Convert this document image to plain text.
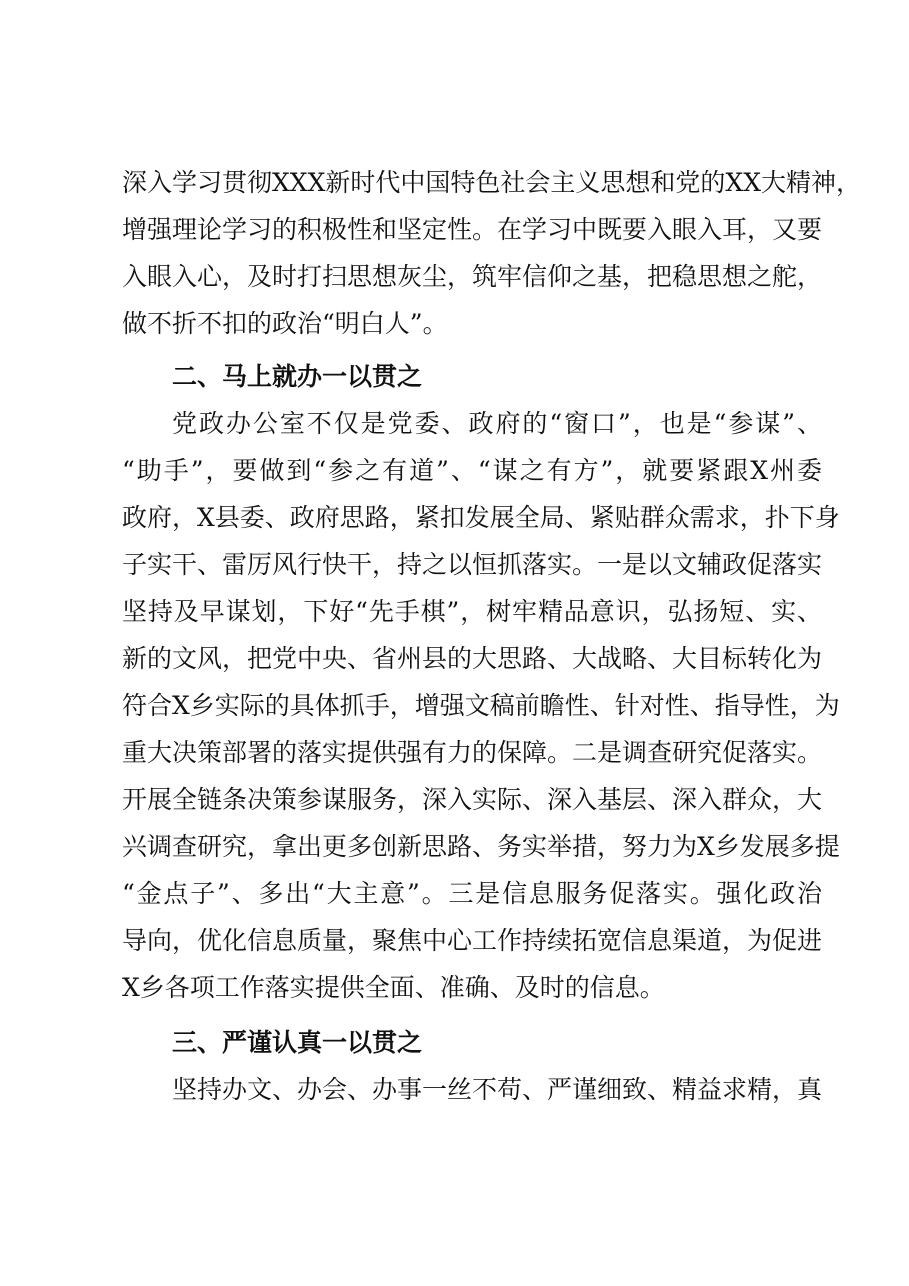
深入学习贯彻XXX新时代中国特色社会主义思想和党的XX大精神，
增强理论学习的积极性和坚定性。在学习中既要入眼入耳，又要
入眼入心，及时打扫思想灰尘，筑牢信仰之基，把稳思想之舵，
做不折不扣的政治“明白人”。
二、马上就办一以贯之
党政办公室不仅是党委、政府的“窗口”，也是“参谋”、
“助手”，要做到“参之有道”、“谋之有方”，就要紧跟X州委
政府，X县委、政府思路，紧扣发展全局、紧贴群众需求，扑下身
子实干、雷厉风行快干，持之以恒抓落实。一是以文辅政促落实
坚持及早谋划，下好“先手棋”，树牢精品意识，弘扬短、实、
新的文风，把党中央、省州县的大思路、大战略、大目标转化为
符合X乡实际的具体抓手，增强文稿前瞻性、针对性、指导性，为
重大决策部署的落实提供强有力的保障。二是调查研究促落实。
开展全链条决策参谋服务，深入实际、深入基层、深入群众，大
兴调查研究，拿出更多创新思路、务实举措，努力为X乡发展多提
“金点子”、多出“大主意”。三是信息服务促落实。强化政治
导向，优化信息质量，聚焦中心工作持续拓宽信息渠道，为促进
X乡各项工作落实提供全面、准确、及时的信息。
三、严谨认真一以贯之
坚持办文、办会、办事一丝不苟、严谨细致、精益求精，真
